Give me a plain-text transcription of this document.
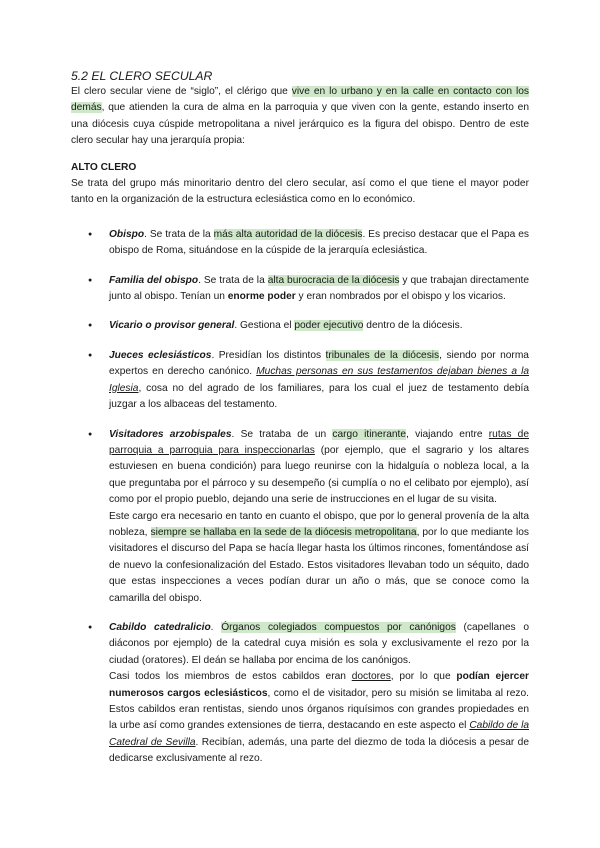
5.2 EL CLERO SECULAR

El clero secular viene de “siglo”, el clérigo que vive en lo urbano y en la calle en contacto con los demás, que atienden la cura de alma en la parroquia y que viven con la gente, estando inserto en una diócesis cuya cúspide metropolitana a nivel jerárquico es la figura del obispo. Dentro de este clero secular hay una jerarquía propia:

ALTO CLERO

Se trata del grupo más minoritario dentro del clero secular, así como el que tiene el mayor poder tanto en la organización de la estructura eclesiástica como en lo económico.

● Obispo. Se trata de la más alta autoridad de la diócesis. Es preciso destacar que el Papa es obispo de Roma, situándose en la cúspide de la jerarquía eclesiástica.

● Familia del obispo. Se trata de la alta burocracia de la diócesis y que trabajan directamente junto al obispo. Tenían un enorme poder y eran nombrados por el obispo y los vicarios.

● Vicario o provisor general. Gestiona el poder ejecutivo dentro de la diócesis.

● Jueces eclesiásticos. Presidían los distintos tribunales de la diócesis, siendo por norma expertos en derecho canónico. Muchas personas en sus testamentos dejaban bienes a la Iglesia, cosa no del agrado de los familiares, para los cual el juez de testamento debía juzgar a los albaceas del testamento.

● Visitadores arzobispales. Se trataba de un cargo itinerante, viajando entre rutas de parroquia a parroquia para inspeccionarlas (por ejemplo, que el sagrario y los altares estuviesen en buena condición) para luego reunirse con la hidalguía o nobleza local, a la que preguntaba por el párroco y su desempeño (si cumplía o no el celibato por ejemplo), así como por el propio pueblo, dejando una serie de instrucciones en el lugar de su visita.

Este cargo era necesario en tanto en cuanto el obispo, que por lo general provenía de la alta nobleza, siempre se hallaba en la sede de la diócesis metropolitana, por lo que mediante los visitadores el discurso del Papa se hacía llegar hasta los últimos rincones, fomentándose así de nuevo la confesionalización del Estado. Estos visitadores llevaban todo un séquito, dado que estas inspecciones a veces podían durar un año o más, que se conoce como la camarilla del obispo.

● Cabildo catedralicio. Órganos colegiados compuestos por canónigos (capellanes o diáconos por ejemplo) de la catedral cuya misión es sola y exclusivamente el rezo por la ciudad (oratores). El deán se hallaba por encima de los canónigos.

Casi todos los miembros de estos cabildos eran doctores, por lo que podían ejercer numerosos cargos eclesiásticos, como el de visitador, pero su misión se limitaba al rezo. Estos cabildos eran rentistas, siendo unos órganos riquísimos con grandes propiedades en la urbe así como grandes extensiones de tierra, destacando en este aspecto el Cabildo de la Catedral de Sevilla. Recibían, además, una parte del diezmo de toda la diócesis a pesar de dedicarse exclusivamente al rezo.
